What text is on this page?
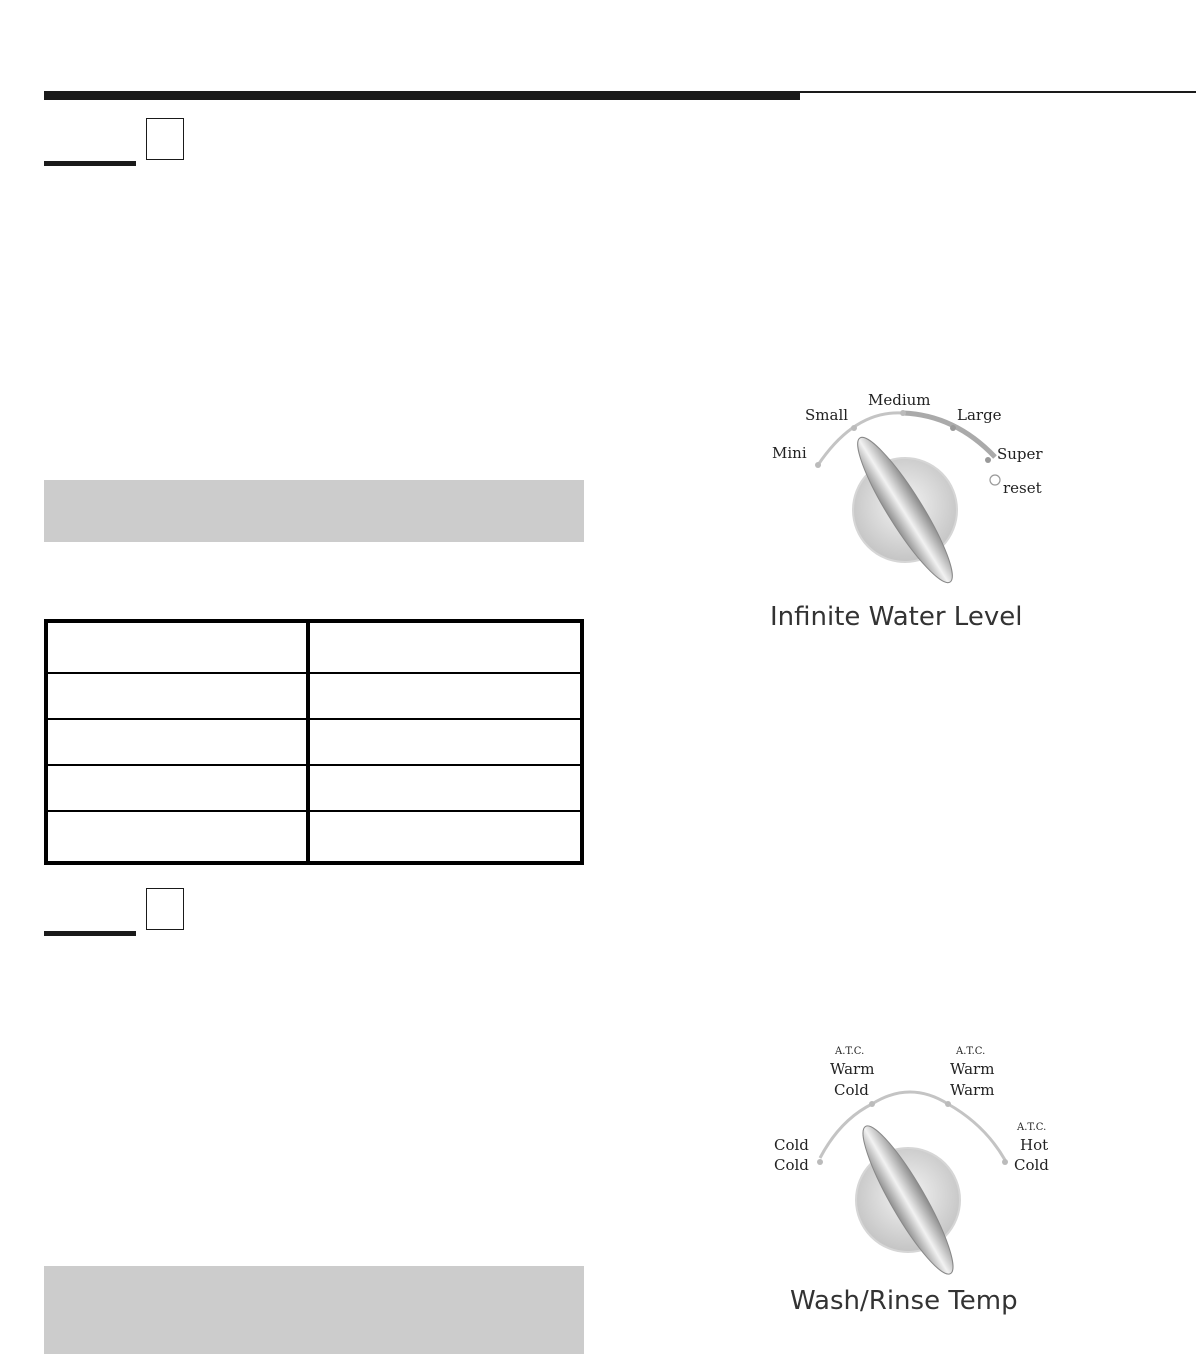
Mini
Small
Medium
Large
Super
reset
Infinite Water Level
Cold
Cold
A.T.C.
Warm
Cold
A.T.C.
Warm
Warm
A.T.C.
Hot
Cold
Wash/Rinse Temp
